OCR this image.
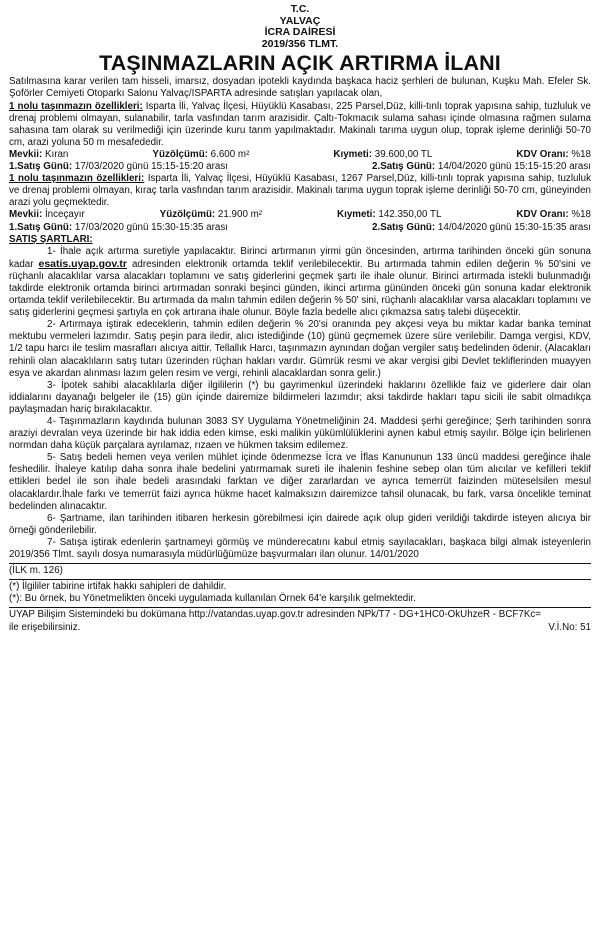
T.C.
YALVAÇ
İCRA DAİRESİ
2019/356 TLMT.
TAŞINMAZLARIN AÇIK ARTIRMA İLANI

Satılmasına karar verilen tam hisseli, imarsız, dosyadan ipotekli kaydında başkaca haciz şerhleri de bulunan, Kuşku Mah. Efeler Sk. Şoförler Cemiyeti Otoparkı Salonu Yalvaç/ISPARTA adresinde satışları yapılacak olan,

1 nolu taşınmazın özellikleri: Isparta İli, Yalvaç İlçesi, Hüyüklü Kasabası, 225 Parsel,Düz, killi-tınlı toprak yapısına sahip, tuzluluk ve drenaj problemi olmayan, sulanabilir, tarla vasfından tarım arazisidir. Çaltı-Tokmacık sulama sahası içinde olmasına rağmen sulama sahasına tam olarak su verilmediği için üzerinde kuru tarım yapılmaktadır. Makinalı tarıma uygun olup, toprak işleme derinliği 50-70 cm, arazi yoluna 50 m mesafededir.

Mevkii: Kıran	Yüzölçümü: 6.600 m²	Kıymeti: 39.600,00 TL	KDV Oranı: %18
1.Satış Günü: 17/03/2020 günü 15:15-15:20 arası	2.Satış Günü: 14/04/2020 günü 15:15-15:20 arası

1 nolu taşınmazın özellikleri: Isparta İli, Yalvaç İlçesi, Hüyüklü Kasabası, 1267 Parsel,Düz, killi-tınlı toprak yapısına sahip, tuzluluk ve drenaj problemi olmayan, kıraç tarla vasfından tarım arazisidir. Makinalı tarıma uygun toprak işleme derinliği 50-70 cm, güneyinden arazi yolu geçmektedir.

Mevkii: İnceçayır	Yüzölçümü: 21.900 m²	Kıymeti: 142.350,00 TL	KDV Oranı: %18
1.Satış Günü: 17/03/2020 günü 15:30-15:35 arası	2.Satış Günü: 14/04/2020 günü 15:30-15:35 arası
SATIŞ ŞARTLARI:

1- İhale açık artırma suretiyle yapılacaktır. Birinci artırmanın yirmi gün öncesinden, artırma tarihinden önceki gün sonuna kadar esatis.uyap.gov.tr adresinden elektronik ortamda teklif verilebilecektir. Bu artırmada tahmin edilen değerin % 50'sini ve rüçhanlı alacaklılar varsa alacakları toplamını ve satış giderlerini geçmek şartı ile ihale olunur. Birinci artırmada istekli bulunmadığı takdirde elektronik ortamda birinci artırmadan sonraki beşinci günden, ikinci artırma gününden önceki gün sonuna kadar elektronik ortamda teklif verilebilecektir. Bu artırmada da malın tahmin edilen değerin % 50' sini, rüçhanlı alacaklılar varsa alacakları toplamını ve satış giderlerini geçmesi şartıyla en çok artırana ihale olunur. Böyle fazla bedelle alıcı çıkmazsa satış talebi düşecektir.

2- Artırmaya iştirak edeceklerin, tahmin edilen değerin % 20'si oranında pey akçesi veya bu miktar kadar banka teminat mektubu vermeleri lazımdır. Satış peşin para iledir, alıcı istediğinde (10) günü geçmemek üzere süre verilebilir. Damga vergisi, KDV, 1/2 tapu harcı ile teslim masrafları alıcıya aittir. Tellallık Harcı, taşınmazın aynından doğan vergiler satış bedelinden ödenir. (Alacakları rehinli olan alacaklıların satış tutarı üzerinden rüçhan hakları vardır. Gümrük resmi ve akar vergisi gibi Devlet tekliflerinden muayyen esya ve akardan alınması lazım gelen resim ve vergi, rehinli alacaklardan sonra gelir.)

3- İpotek sahibi alacaklılarla diğer ilgililerin (*) bu gayrimenkul üzerindeki haklarını özellikle faiz ve giderlere dair olan iddialarını dayanağı belgeler ile (15) gün içinde dairemize bildirmeleri lazımdır; aksi takdirde hakları tapu sicili ile sabit olmadıkça paylaşmadan hariç bırakılacaktır.

4- Taşınmazların kaydında bulunan 3083 SY Uygulama Yönetmeliğinin 24. Maddesi şerhi gereğince; Şerh tarihinden sonra araziyi devralan veya üzerinde bir hak iddia eden kimse, eski malikin yükümlülüklerini aynen kabul etmiş sayılır. Bölge için belirlenen normdan daha küçük parçalara ayrılamaz, rızaen ve hükmen taksim edilemez.

5- Satış bedeli hemen veya verilen mühlet içinde ödenmezse İcra ve İflas Kanununun 133 üncü maddesi gereğince ihale feshedilir. İhaleye katılıp daha sonra ihale bedelini yatırmamak sureti ile ihalenin feshine sebep olan tüm alıcılar ve kefilleri teklif ettikleri bedel ile son ihale bedeli arasındaki farktan ve diğer zararlardan ve ayrıca temerrüt faizinden müteselsilen mesul olacaklardır.İhale farkı ve temerrüt faizi ayrıca hükme hacet kalmaksızın dairemizce tahsil olunacak, bu fark, varsa öncelikle teminat bedelinden alınacaktır.

6- Şartname, ilan tarihinden itibaren herkesin görebilmesi için dairede açık olup gideri verildiği takdirde isteyen alıcıya bir örneği gönderilebilir.

7- Satışa iştirak edenlerin şartnameyi görmüş ve münderecatını kabul etmiş sayılacakları, başkaca bilgi almak isteyenlerin 2019/356 Tlmt. sayılı dosya numarasıyla müdürlüğümüze başvurmaları ilan olunur. 14/01/2020

(İLK m. 126)
(*) İlgililer tabirine irtifak hakkı sahipleri de dahildir.
(*): Bu örnek, bu Yönetmelikten önceki uygulamada kullanılan Örnek 64'e karşılık gelmektedir.
UYAP Bilişim Sistemindeki bu dokümana http://vatandas.uyap.gov.tr adresinden NPk/T7 - DG+1HC0-OkUhzeR - BCF7Kc= ile erişebilirsiniz.	V.İ.No: 51
